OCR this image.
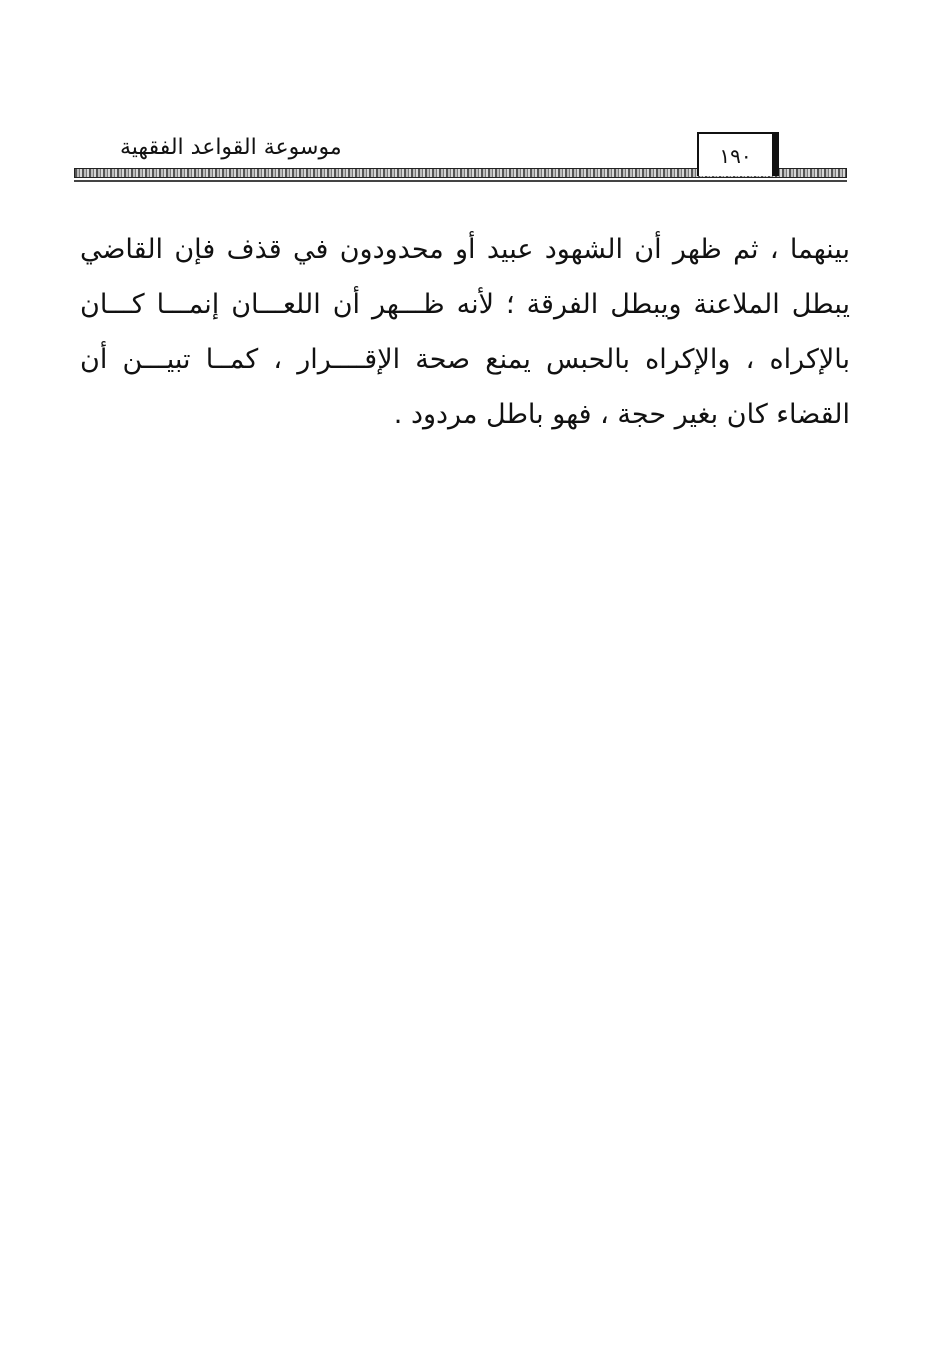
موسوعة القواعد الفقهية	١٩٠
بينهما ، ثم ظهر أن الشهود عبيد أو محدودون في قذف فإن القاضي
يبطل الملاعنة ويبطل الفرقة ؛ لأنه ظـــهر أن اللعـــان إنمـــا كـــان
بالإكراه ، والإكراه بالحبس يمنع صحة الإقــــرار ، كمــا تبيـــن أن
القضاء كان بغير حجة ، فهو باطل مردود .
